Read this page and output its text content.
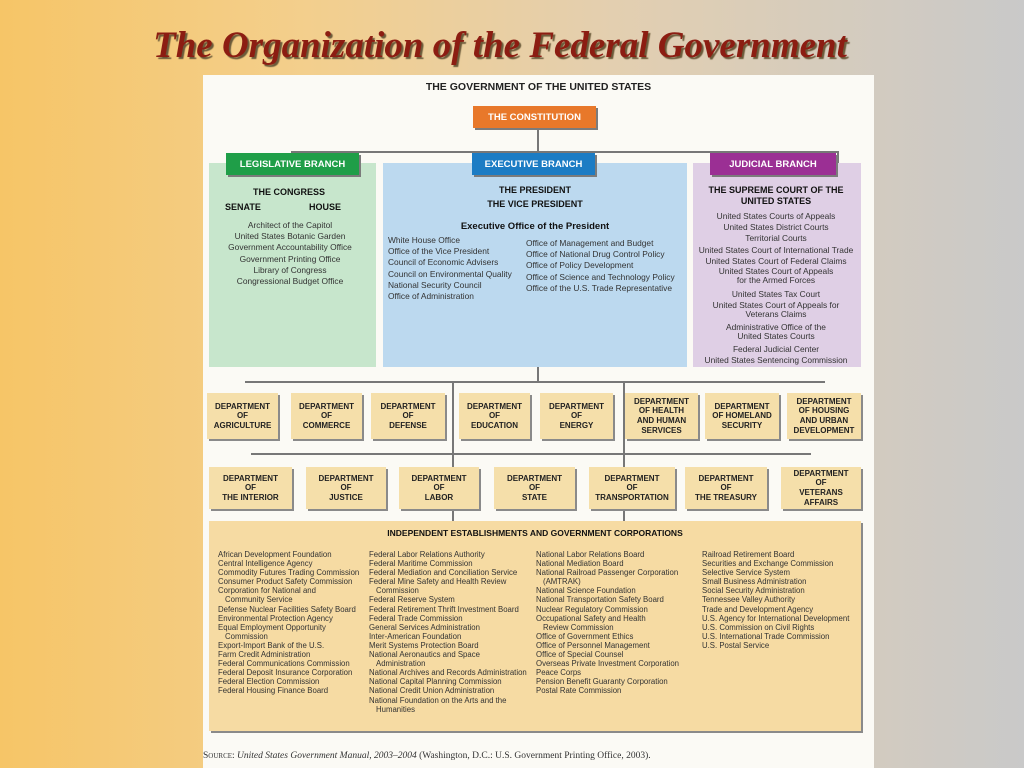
The Organization of the Federal Government
THE GOVERNMENT OF THE UNITED STATES
THE CONSTITUTION
LEGISLATIVE BRANCH
THE CONGRESS
SENATE	HOUSE
Architect of the Capitol
United States Botanic Garden
Government Accountability Office
Government Printing Office
Library of Congress
Congressional Budget Office
EXECUTIVE BRANCH
THE PRESIDENT
THE VICE PRESIDENT
Executive Office of the President
White House Office
Office of the Vice President
Council of Economic Advisers
Council on Environmental Quality
National Security Council
Office of Administration
Office of Management and Budget
Office of National Drug Control Policy
Office of Policy Development
Office of Science and Technology Policy
Office of the U.S. Trade Representative
JUDICIAL BRANCH
THE SUPREME COURT OF THE
UNITED STATES
United States Courts of Appeals
United States District Courts
Territorial Courts
United States Court of International Trade
United States Court of Federal Claims
United States Court of Appeals
for the Armed Forces
United States Tax Court
United States Court of Appeals for
Veterans Claims
Administrative Office of the
United States Courts
Federal Judicial Center
United States Sentencing Commission
DEPARTMENT
OF
AGRICULTURE
DEPARTMENT
OF
COMMERCE
DEPARTMENT
OF
DEFENSE
DEPARTMENT
OF
EDUCATION
DEPARTMENT
OF
ENERGY
DEPARTMENT
OF HEALTH
AND HUMAN
SERVICES
DEPARTMENT
OF HOMELAND
SECURITY
DEPARTMENT
OF HOUSING
AND URBAN
DEVELOPMENT
DEPARTMENT
OF
THE INTERIOR
DEPARTMENT
OF
JUSTICE
DEPARTMENT
OF
LABOR
DEPARTMENT
OF
STATE
DEPARTMENT
OF
TRANSPORTATION
DEPARTMENT
OF
THE TREASURY
DEPARTMENT
OF
VETERANS
AFFAIRS
INDEPENDENT ESTABLISHMENTS AND GOVERNMENT CORPORATIONS
African Development Foundation
Central Intelligence Agency
Commodity Futures Trading Commission
Consumer Product Safety Commission
Corporation for National and
Community Service
Defense Nuclear Facilities Safety Board
Environmental Protection Agency
Equal Employment Opportunity
Commission
Export-Import Bank of the U.S.
Farm Credit Administration
Federal Communications Commission
Federal Deposit Insurance Corporation
Federal Election Commission
Federal Housing Finance Board
Federal Labor Relations Authority
Federal Maritime Commission
Federal Mediation and Conciliation Service
Federal Mine Safety and Health Review
Commission
Federal Reserve System
Federal Retirement Thrift Investment Board
Federal Trade Commission
General Services Administration
Inter-American Foundation
Merit Systems Protection Board
National Aeronautics and Space
Administration
National Archives and Records Administration
National Capital Planning Commission
National Credit Union Administration
National Foundation on the Arts and the
Humanities
National Labor Relations Board
National Mediation Board
National Railroad Passenger Corporation
(AMTRAK)
National Science Foundation
National Transportation Safety Board
Nuclear Regulatory Commission
Occupational Safety and Health
Review Commission
Office of Government Ethics
Office of Personnel Management
Office of Special Counsel
Overseas Private Investment Corporation
Peace Corps
Pension Benefit Guaranty Corporation
Postal Rate Commission
Railroad Retirement Board
Securities and Exchange Commission
Selective Service System
Small Business Administration
Social Security Administration
Tennessee Valley Authority
Trade and Development Agency
U.S. Agency for International Development
U.S. Commission on Civil Rights
U.S. International Trade Commission
U.S. Postal Service
Source: United States Government Manual, 2003–2004 (Washington, D.C.: U.S. Government Printing Office, 2003).
